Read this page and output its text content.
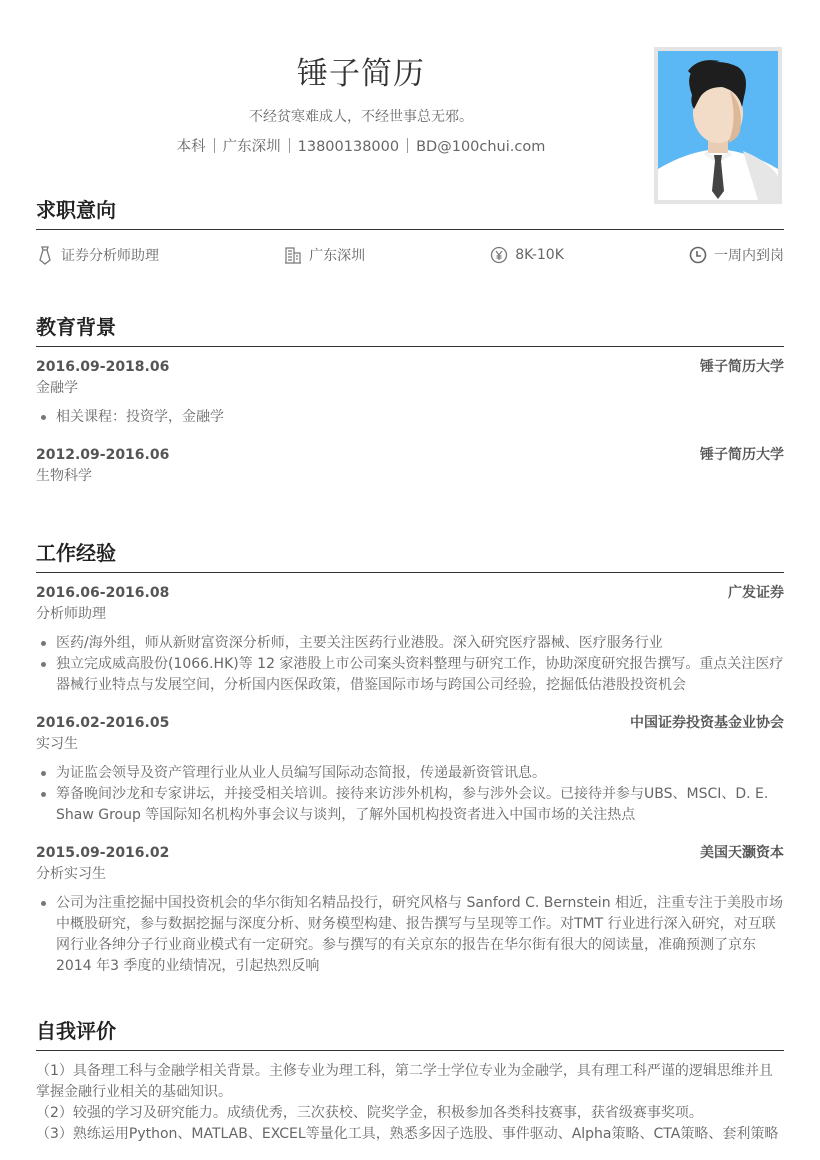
锤子简历
不经贫寒难成人，不经世事总无邪。
本科 广东深圳 13800138000 BD@100chui.com
求职意向
证券分析师助理	广东深圳	8K-10K	一周内到岗
教育背景
2016.09-2018.06	锤子简历大学
金融学
相关课程：投资学，金融学
2012.09-2016.06	锤子简历大学
生物科学
工作经验
2016.06-2016.08	广发证券
分析师助理
医药/海外组，师从新财富资深分析师，主要关注医药行业港股。深入研究医疗器械、医疗服务行业
独立完成威高股份(1066.HK)等 12 家港股上市公司案头资料整理与研究工作，协助深度研究报告撰写。重点关注医疗器械行业特点与发展空间，分析国内医保政策，借鉴国际市场与跨国公司经验，挖掘低估港股投资机会
2016.02-2016.05	中国证券投资基金业协会
实习生
为证监会领导及资产管理行业从业人员编写国际动态简报，传递最新资管讯息。
筹备晚间沙龙和专家讲坛，并接受相关培训。接待来访涉外机构，参与涉外会议。已接待并参与UBS、MSCI、D. E. Shaw Group 等国际知名机构外事会议与谈判，了解外国机构投资者进入中国市场的关注热点
2015.09-2016.02	美国天灏资本
分析实习生
公司为注重挖掘中国投资机会的华尔街知名精品投行，研究风格与 Sanford C. Bernstein 相近，注重专注于美股市场中概股研究，参与数据挖掘与深度分析、财务模型构建、报告撰写与呈现等工作。对TMT 行业进行深入研究，对互联网行业各绅分子行业商业模式有一定研究。参与撰写的有关京东的报告在华尔街有很大的阅读量，准确预测了京东 2014 年3 季度的业绩情况，引起热烈反响
自我评价

（1）具备理工科与金融学相关背景。主修专业为理工科，第二学士学位专业为金融学，具有理工科严谨的逻辑思维并且掌握金融行业相关的基础知识。

（2）较强的学习及研究能力。成绩优秀，三次获校、院奖学金，积极参加各类科技赛事，获省级赛事奖项。

（3）熟练运用Python、MATLAB、EXCEL等量化工具，熟悉多因子选股、事件驱动、Alpha策略、CTA策略、套利策略
